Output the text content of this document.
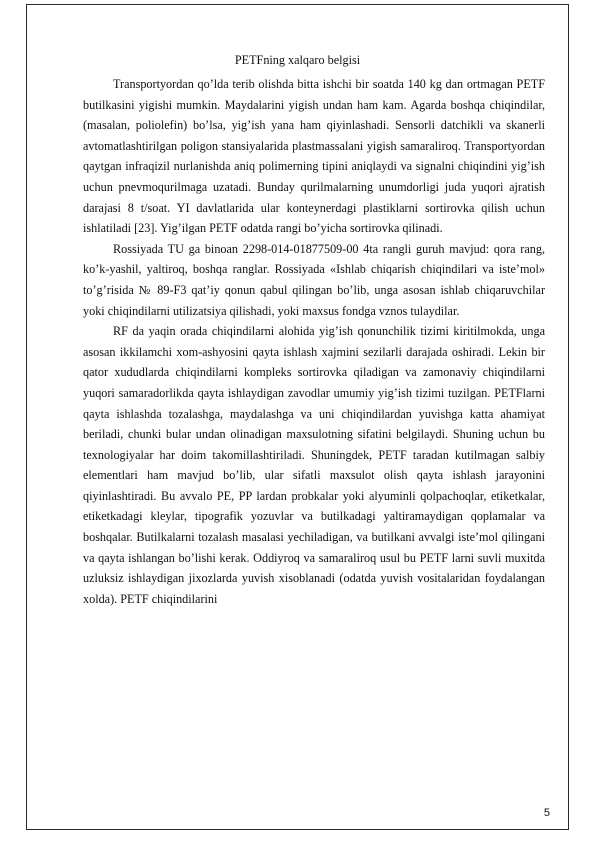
PETFning xalqaro belgisi

Transportyordan qo’lda terib olishda bitta ishchi bir soatda 140 kg dan ortmagan PETF butilkasini yigishi mumkin. Maydalarini yigish undan ham kam. Agarda boshqa chiqindilar, (masalan, poliolefin) bo’lsa, yig’ish yana ham qiyinlashadi. Sensorli datchikli va skanerli avtomatlashtirilgan poligon stansiyalarida plastmassalani yigish samaraliroq. Transportyordan qaytgan infraqizil nurlanishda aniq polimerning tipini aniqlaydi va signalni chiqindini yig’ish uchun pnevmoqurilmaga uzatadi. Bunday qurilmalarning unumdorligi juda yuqori ajratish darajasi 8 t/soat. YI davlatlarida ular konteynerdagi plastiklarni sortirovka qilish uchun ishlatiladi [23]. Yig’ilgan PETF odatda rangi bo’yicha sortirovka qilinadi.

Rossiyada TU ga binoan 2298-014-01877509-00 4ta rangli guruh mavjud: qora rang, ko’k-yashil, yaltiroq, boshqa ranglar. Rossiyada «Ishlab chiqarish chiqindilari va iste’mol» to’g’risida № 89-F3 qat’iy qonun qabul qilingan bo’lib, unga asosan ishlab chiqaruvchilar yoki chiqindilarni utilizatsiya qilishadi, yoki maxsus fondga vznos tulaydilar.

RF da yaqin orada chiqindilarni alohida yig’ish qonunchilik tizimi kiritilmokda, unga asosan ikkilamchi xom-ashyosini qayta ishlash xajmini sezilarli darajada oshiradi. Lekin bir qator xududlarda chiqindilarni kompleks sortirovka qiladigan va zamonaviy chiqindilarni yuqori samaradorlikda qayta ishlaydigan zavodlar umumiy yig’ish tizimi tuzilgan. PETFlarni qayta ishlashda tozalashga, maydalashga va uni chiqindilardan yuvishga katta ahamiyat beriladi, chunki bular undan olinadigan maxsulotning sifatini belgilaydi. Shuning uchun bu texnologiyalar har doim takomillashtiriladi. Shuningdek, PETF taradan kutilmagan salbiy elementlari ham mavjud bo’lib, ular sifatli maxsulot olish qayta ishlash jarayonini qiyinlashtiradi. Bu avvalo PE, PP lardan probkalar yoki alyuminli qolpachoqlar, etiketkalar, etiketkadagi kleylar, tipografik yozuvlar va butilkadagi yaltiramaydigan qoplamalar va boshqalar. Butilkalarni tozalash masalasi yechiladigan, va butilkani avvalgi iste’mol qilingani va qayta ishlangan bo’lishi kerak. Oddiyroq va samaraliroq usul bu PETF larni suvli muxitda uzluksiz ishlaydigan jixozlarda yuvish xisoblanadi (odatda yuvish vositalaridan foydalangan xolda). PETF chiqindilarini

5
